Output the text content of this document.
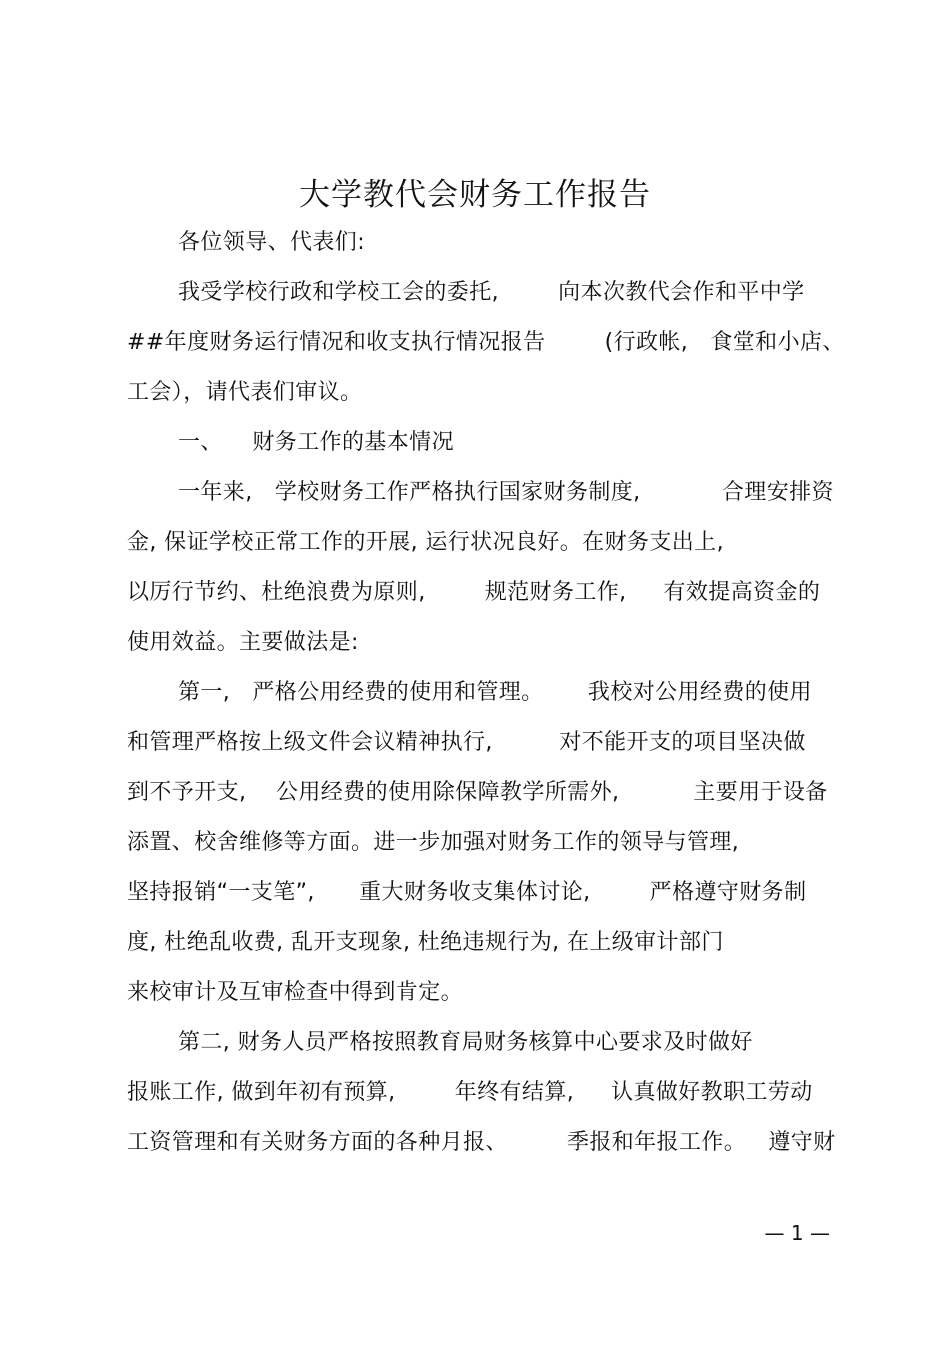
大学教代会财务工作报告
各位领导、代表们:
我受学校行政和学校工会的委托,        向本次教代会作和平中学
##年度财务运行情况和收支执行情况报告        (行政帐,   食堂和小店、
工会），请代表们审议。
一、    财务工作的基本情况
一年来,   学校财务工作严格执行国家财务制度,           合理安排资
金, 保证学校正常工作的开展, 运行状况良好。在财务支出上,
以厉行节约、杜绝浪费为原则,        规范财务工作,     有效提高资金的
使用效益。主要做法是:
第一,   严格公用经费的使用和管理。      我校对公用经费的使用
和管理严格按上级文件会议精神执行,         对不能开支的项目坚决做
到不予开支,    公用经费的使用除保障教学所需外,          主要用于设备
添置、校舍维修等方面。进一步加强对财务工作的领导与管理,
坚持报销“一支笔”,      重大财务收支集体讨论,        严格遵守财务制
度, 杜绝乱收费, 乱开支现象, 杜绝违规行为, 在上级审计部门
来校审计及互审检查中得到肯定。
第二, 财务人员严格按照教育局财务核算中心要求及时做好
报账工作, 做到年初有预算,        年终有结算,     认真做好教职工劳动
工资管理和有关财务方面的各种月报、        季报和年报工作。   遵守财
— 1 —
